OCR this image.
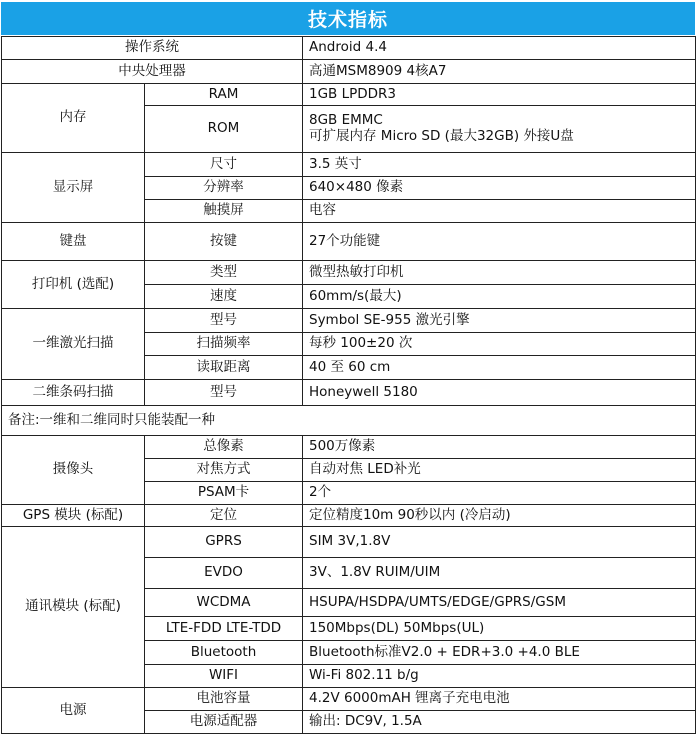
技术指标
操作系统		Android 4.4
中央处理器		高通MSM8909 4核A7
内存	RAM	1GB LPDDR3
	ROM	8GB EMMC
可扩展内存 Micro SD (最大32GB) 外接U盘

显示屏	尺寸	3.5 英寸
	分辨率	640×480 像素
	触摸屏	电容
键盘	按键	27个功能键
打印机 (选配)	类型	微型热敏打印机
	速度	60mm/s(最大)
一维激光扫描	型号	Symbol SE-955 激光引擎
	扫描频率	每秒 100±20 次
	读取距离	40 至 60 cm
二维条码扫描	型号	Honeywell 5180
备注:一维和二维同时只能装配一种		
摄像头	总像素	500万像素
	对焦方式	自动对焦 LED补光
	PSAM卡	2个
GPS 模块 (标配)	定位	定位精度10m 90秒以内 (冷启动)
通讯模块 (标配)	GPRS	SIM 3V,1.8V
	EVDO	3V、1.8V RUIM/UIM
	WCDMA	HSUPA/HSDPA/UMTS/EDGE/GPRS/GSM
	LTE-FDD LTE-TDD	150Mbps(DL) 50Mbps(UL)
	Bluetooth	Bluetooth标准V2.0 + EDR+3.0 +4.0 BLE
	WIFI	Wi-Fi 802.11 b/g
电源	电池容量	4.2V 6000mAH 锂离子充电电池
	电源适配器	输出: DC9V, 1.5A
